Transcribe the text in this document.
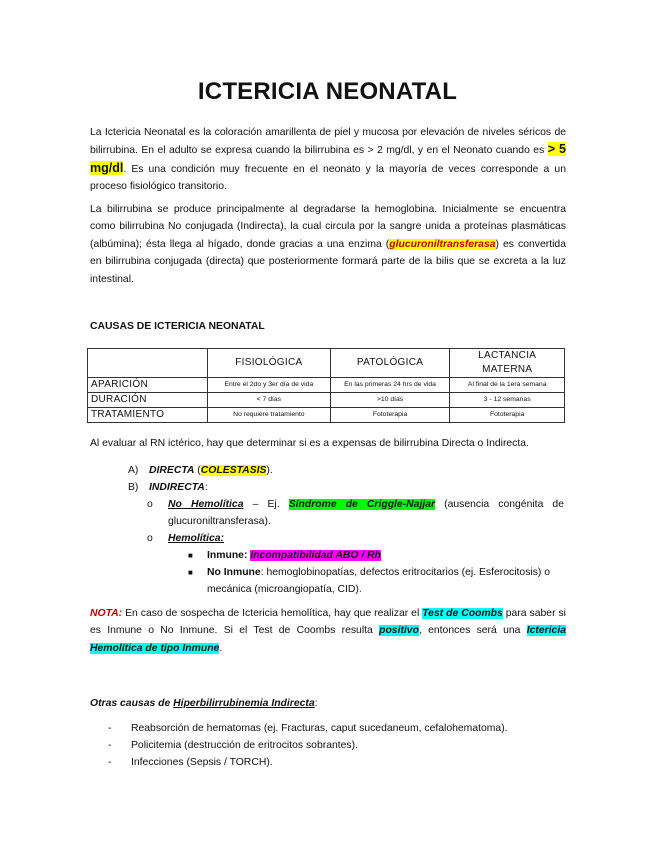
ICTERICIA NEONATAL

La Ictericia Neonatal es la coloración amarillenta de piel y mucosa por elevación de niveles séricos de bilirrubina. En el adulto se expresa cuando la bilirrubina es > 2 mg/dl, y en el Neonato cuando es > 5 mg/dl. Es una condición muy frecuente en el neonato y la mayoría de veces corresponde a un proceso fisiológico transitorio.

La bilirrubina se produce principalmente al degradarse la hemoglobina. Inicialmente se encuentra como bilirrubina No conjugada (Indirecta), la cual circula por la sangre unida a proteínas plasmáticas (albúmina); ésta llega al hígado, donde gracias a una enzima (glucuroniltransferasa) es convertida en bilirrubina conjugada (directa) que posteriormente formará parte de la bilis que se excreta a la luz intestinal.

CAUSAS DE ICTERICIA NEONATAL

	FISIOLÓGICA	PATOLÓGICA	LACTANCIA MATERNA
APARICIÓN	Entre el 2do y 3er día de vida	En las primeras 24 hrs de vida	Al final de la 1era semana
DURACIÓN	< 7 días	>10 días	3 - 12 semanas
TRATAMIENTO	No requiere tratamiento	Fototerapia	Fototerapia

Al evaluar al RN ictérico, hay que determinar si es a expensas de bilirrubina Directa o Indirecta.

A) DIRECTA (COLESTASIS).

B) INDIRECTA:

o No Hemolítica – Ej. Síndrome de Criggle-Najjar (ausencia congénita de glucuroniltransferasa).

o Hemolítica:

■ Inmune: Incompatibilidad ABO / Rh

■ No Inmune: hemoglobinopatías, defectos eritrocitarios (ej. Esferocitosis) o mecánica (microangiopatía, CID).

NOTA: En caso de sospecha de Ictericia hemolítica, hay que realizar el Test de Coombs para saber si es Inmune o No Inmune. Si el Test de Coombs resulta positivo, entonces será una Ictericia Hemolítica de tipo Inmune.

Otras causas de Hiperbilirrubinemia Indirecta:

- Reabsorción de hematomas (ej. Fracturas, caput sucedaneum, cefalohematoma).

- Policitemia (destrucción de eritrocitos sobrantes).

- Infecciones (Sepsis / TORCH).
